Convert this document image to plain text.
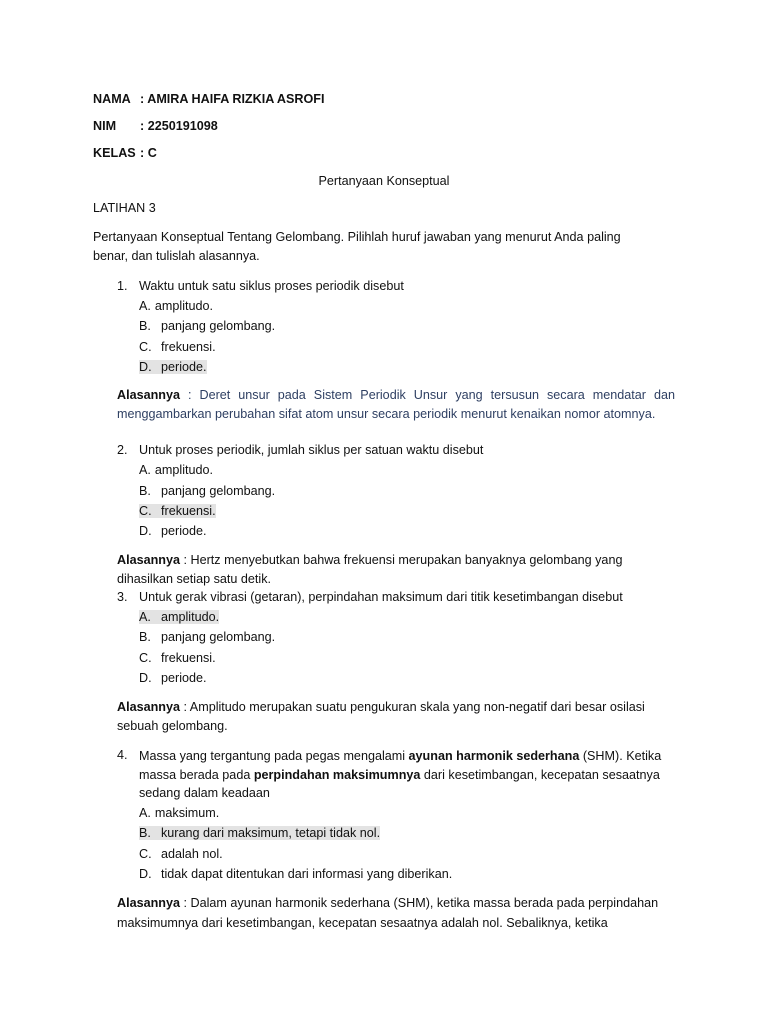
NAMA : AMIRA HAIFA RIZKIA ASROFI
NIM : 2250191098
KELAS : C
Pertanyaan Konseptual
LATIHAN 3
Pertanyaan Konseptual Tentang Gelombang. Pilihlah huruf jawaban yang menurut Anda paling
benar, dan tulislah alasannya.
1. Waktu untuk satu siklus proses periodik disebut
A. amplitudo.
B. panjang gelombang.
C. frekuensi.
D. periode.
Alasannya : Deret unsur pada Sistem Periodik Unsur yang tersusun secara mendatar dan
menggambarkan perubahan sifat atom unsur secara periodik menurut kenaikan nomor atomnya.
2. Untuk proses periodik, jumlah siklus per satuan waktu disebut
A. amplitudo.
B. panjang gelombang.
C. frekuensi.
D. periode.
Alasannya : Hertz menyebutkan bahwa frekuensi merupakan banyaknya gelombang yang
dihasilkan setiap satu detik.
3. Untuk gerak vibrasi (getaran), perpindahan maksimum dari titik kesetimbangan disebut
A. amplitudo.
B. panjang gelombang.
C. frekuensi.
D. periode.
Alasannya : Amplitudo merupakan suatu pengukuran skala yang non-negatif dari besar osilasi
sebuah gelombang.
4. Massa yang tergantung pada pegas mengalami ayunan harmonik sederhana (SHM). Ketika
massa berada pada perpindahan maksimumnya dari kesetimbangan, kecepatan sesaatnya
sedang dalam keadaan
A. maksimum.
B. kurang dari maksimum, tetapi tidak nol.
C. adalah nol.
D. tidak dapat ditentukan dari informasi yang diberikan.
Alasannya : Dalam ayunan harmonik sederhana (SHM), ketika massa berada pada perpindahan
maksimumnya dari kesetimbangan, kecepatan sesaatnya adalah nol. Sebaliknya, ketika
